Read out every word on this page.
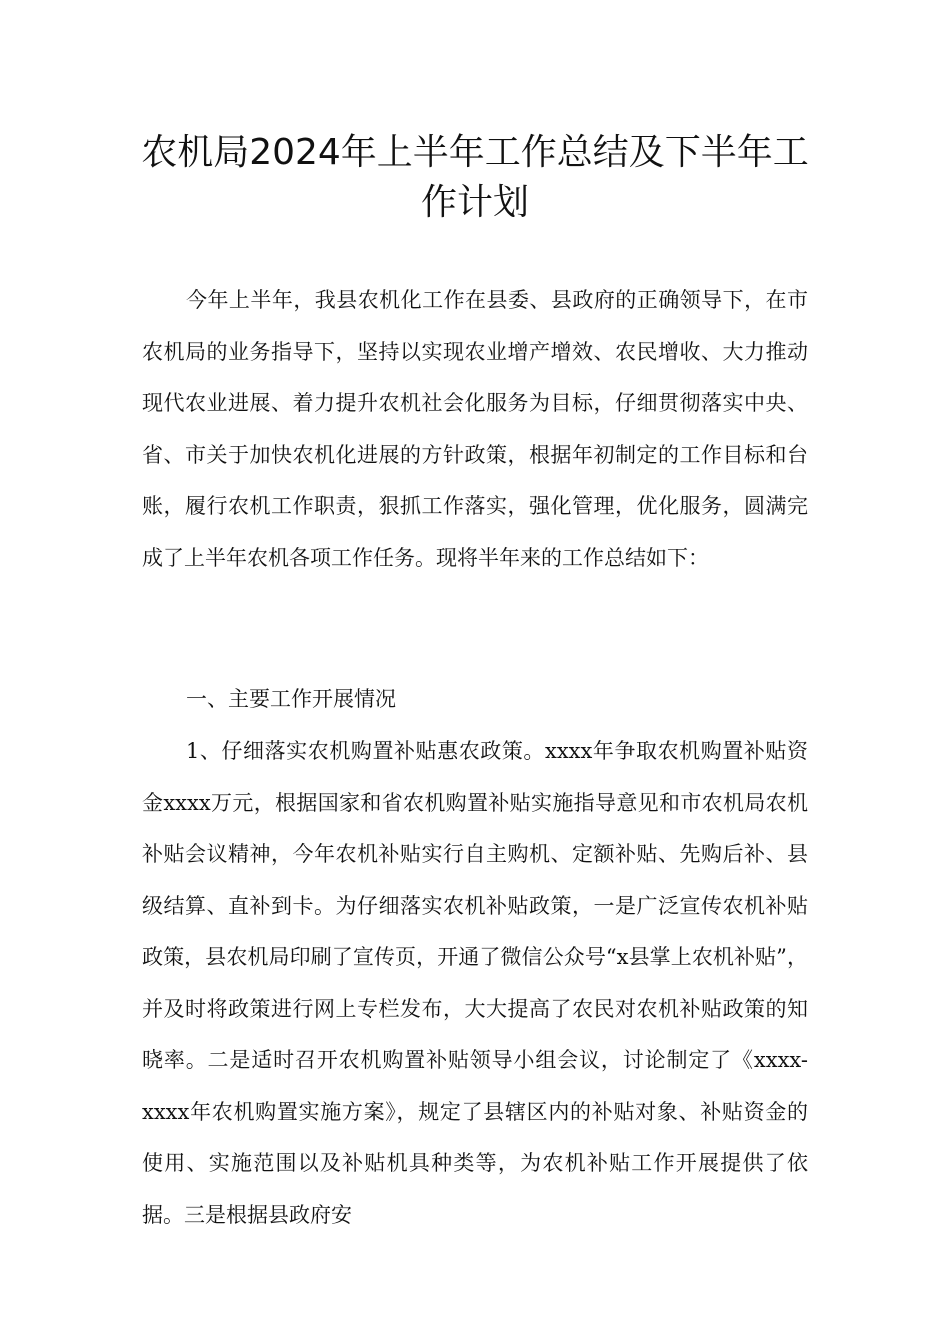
农机局2024年上半年工作总结及下半年工作计划

今年上半年，我县农机化工作在县委、县政府的正确领导下，在市农机局的业务指导下，坚持以实现农业增产增效、农民增收、大力推动现代农业进展、着力提升农机社会化服务为目标，仔细贯彻落实中央、省、市关于加快农机化进展的方针政策，根据年初制定的工作目标和台账，履行农机工作职责，狠抓工作落实，强化管理，优化服务，圆满完成了上半年农机各项工作任务。现将半年来的工作总结如下：

一、主要工作开展情况

1、仔细落实农机购置补贴惠农政策。xxxx年争取农机购置补贴资金xxxx万元，根据国家和省农机购置补贴实施指导意见和市农机局农机补贴会议精神，今年农机补贴实行自主购机、定额补贴、先购后补、县级结算、直补到卡。为仔细落实农机补贴政策，一是广泛宣传农机补贴政策，县农机局印刷了宣传页，开通了微信公众号“x县掌上农机补贴”，并及时将政策进行网上专栏发布，大大提高了农民对农机补贴政策的知晓率。二是适时召开农机购置补贴领导小组会议，讨论制定了《xxxx-xxxx年农机购置实施方案》，规定了县辖区内的补贴对象、补贴资金的使用、实施范围以及补贴机具种类等，为农机补贴工作开展提供了依据。三是根据县政府安
